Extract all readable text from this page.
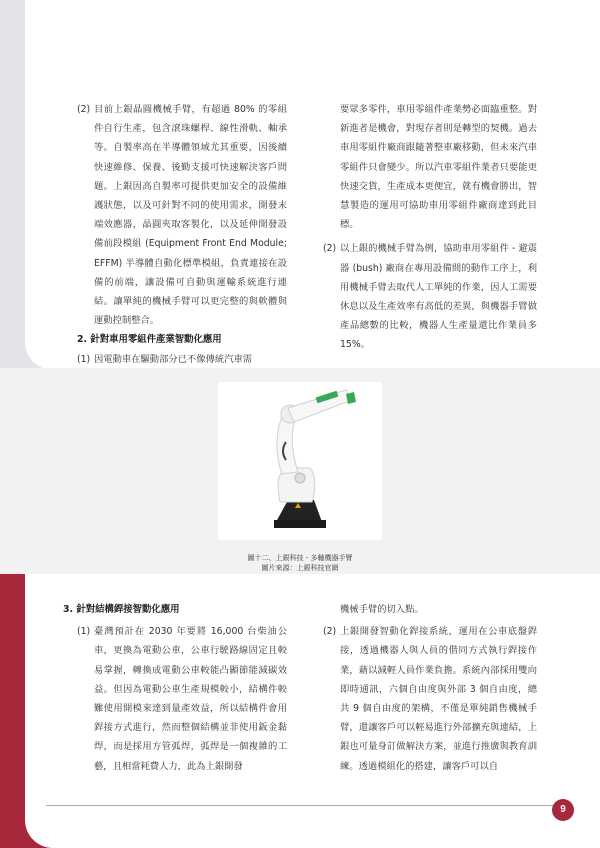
(2) 目前上銀晶圓機械手臂，有超過 80% 的零組件自行生產，包含滾珠螺桿、線性滑軌、軸承等。自製率高在半導體領域尤其重要，因後續快速維修、保養、後勤支援可快速解決客戶問題。上銀因高自製率可提供更加安全的設備維護狀態，以及可針對不同的使用需求，開發末端效應器，晶圓夾取客製化，以及延伸開發設備前段模組 (Equipment Front End Module; EFFM) 半導體自動化標準模組，負責連接在設備的前端，讓設備可自動與運輸系統進行連結。讓單純的機械手臂可以更完整的與軟體與運動控制整合。

2. 針對車用零組件產業智動化應用

(1) 因電動車在驅動部分已不像傳統汽車需

要眾多零件，車用零組件產業勢必面臨重整。對新進者是機會，對現存者則是轉型的契機。過去車用零組件廠商跟隨著整車廠移動，但未來汽車零組件只會變少。所以汽車零組件業者只要能更快速交貨，生產成本更便宜，就有機會勝出，智慧製造的運用可協助車用零組件廠商達到此目標。

(2) 以上銀的機械手臂為例，協助車用零組件 - 避震器 (bush) 廠商在專用設備間的動作工序上，利用機械手臂去取代人工單純的作業，因人工需要休息以及生產效率有高低的差異，與機器手臂做產品總數的比較，機器人生產量還比作業員多 15%。

圖十二、上銀科技 - 多軸機器手臂
圖片來源：上銀科技官網

3. 針對結構銲接智動化應用

(1) 臺灣預計在 2030 年要將 16,000 台柴油公車，更換為電動公車，公車行駛路線固定且較易掌握，轉換成電動公車較能凸顯節能減碳效益。但因為電動公車生產規模較小，結構件較難使用開模來達到量產效益，所以結構件會用銲接方式進行，然而整個結構並非使用鈑金黏焊，而是採用方管弧焊，弧焊是一個複雜的工藝，且相當耗費人力，此為上銀開發

機械手臂的切入點。

(2) 上銀開發智動化銲接系統，運用在公車底盤銲接，透過機器人與人員的偕同方式執行銲接作業，藉以減輕人員作業負擔。系統內部採用雙向即時通訊，六個自由度與外部 3 個自由度，總共 9 個自由度的架構，不僅是單純銷售機械手臂，還讓客戶可以輕易進行外部擴充與連結，上銀也可量身訂做解決方案，並進行推廣與教育訓練。透過模組化的搭建，讓客戶可以自

9
